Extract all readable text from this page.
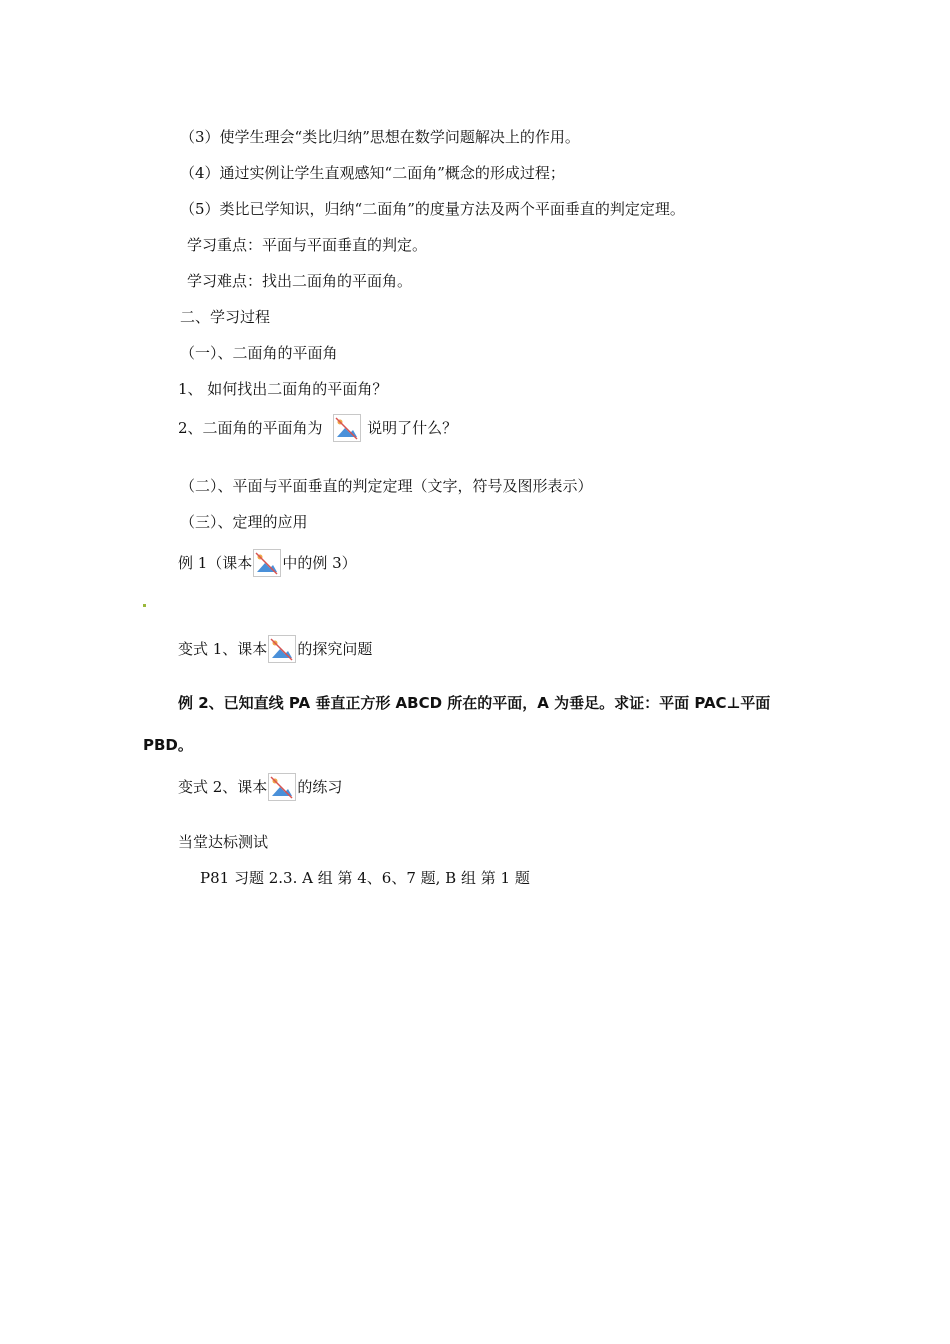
（3）使学生理会“类比归纳”思想在数学问题解决上的作用。
（4）通过实例让学生直观感知“二面角”概念的形成过程；
（5）类比已学知识，归纳“二面角”的度量方法及两个平面垂直的判定定理。
学习重点：平面与平面垂直的判定。
学习难点：找出二面角的平面角。
二、学习过程
（一）、二面角的平面角
1、 如何找出二面角的平面角？
2、二面角的平面角为	说明了什么？
（二）、平面与平面垂直的判定定理（文字，符号及图形表示）
（三）、定理的应用
例 1（课本 中的例 3）
变式 1、课本 的探究问题
例 2、已知直线 PA 垂直正方形 ABCD 所在的平面，A 为垂足。求证：平面 PAC⊥平面
PBD。
变式 2、课本 的练习
当堂达标测试
P81 习题 2.3. A 组 第 4、6、7 题, B 组 第 1 题
